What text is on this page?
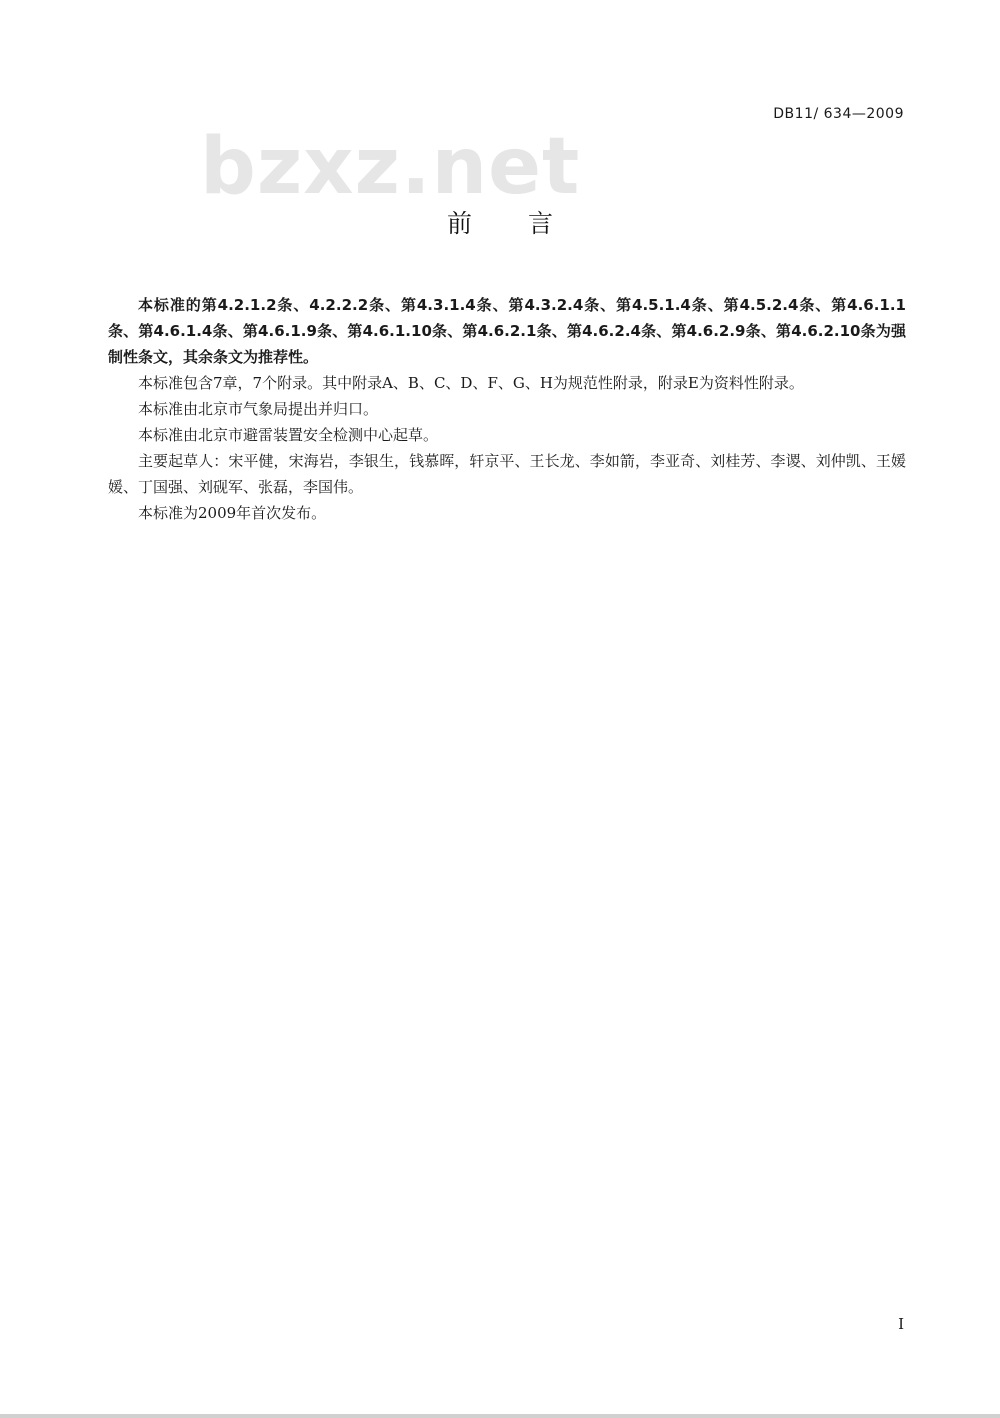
DB11/ 634—2009
bzxz.net
前言

本标准的第4.2.1.2条、4.2.2.2条、第4.3.1.4条、第4.3.2.4条、第4.5.1.4条、第4.5.2.4条、第4.6.1.1条、第4.6.1.4条、第4.6.1.9条、第4.6.1.10条、第4.6.2.1条、第4.6.2.4条、第4.6.2.9条、第4.6.2.10条为强制性条文，其余条文为推荐性。

本标准包含7章，7个附录。其中附录A、B、C、D、F、G、H为规范性附录，附录E为资料性附录。

本标准由北京市气象局提出并归口。

本标准由北京市避雷装置安全检测中心起草。

主要起草人：宋平健，宋海岩，李银生，钱慕晖，轩京平、王长龙、李如箭，李亚奇、刘桂芳、李谡、刘仲凯、王媛媛、丁国强、刘砚军、张磊，李国伟。

本标准为2009年首次发布。

I
